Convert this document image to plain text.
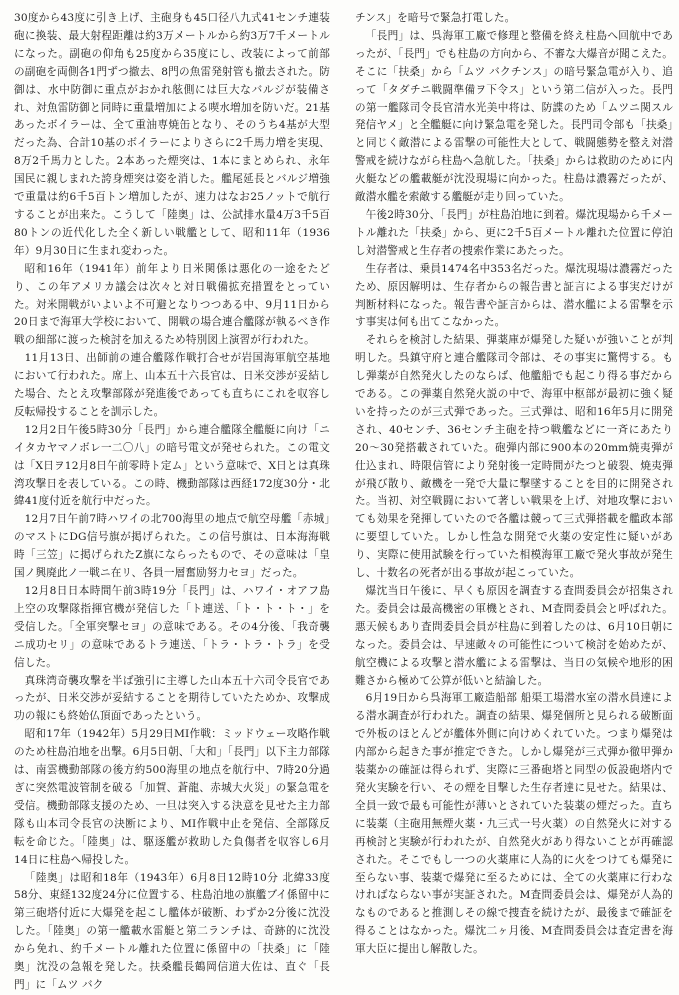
30度から43度に引き上げ、主砲身も45口径八九式41センチ連装砲に換装、最大射程距離は約3万メートルから約3万7千メートルになった。副砲の仰角も25度から35度にし、改装によって前部の副砲を両側各1門ずつ撤去、8門の魚雷発射管も撤去された。防御は、水中防御に重点がおかれ舷側には巨大なバルジが装備され、対魚雷防御と同時に重量増加による喫水増加を防いだ。21基あったボイラーは、全て重油専焼缶となり、そのうち4基が大型だった為、合計10基のボイラーによりさらに2千馬力増を実現、8万2千馬力とした。2本あった煙突は、1本にまとめられ、永年国民に親しまれた誇身煙突は姿を消した。艦尾延長とバルジ増強で重量は約6千5百トン増加したが、速力はなお25ノットで航行することが出来た。こうして「陸奥」は、公試排水量4万3千5百80トンの近代化した全く新しい戦艦として、昭和11年（1936年）9月30日に生まれ変わった。

昭和16年（1941年）前年より日米関係は悪化の一途をたどり、この年アメリカ議会は次々と対日戦備拡充措置をとっていた。対米開戦がいよいよ不可避となりつつある中、9月11日から20日まで海軍大学校において、開戦の場合連合艦隊が執るべき作戦の細部に渡った検討を加えるため特別図上演習が行われた。

11月13日、出師前の連合艦隊作戦打合せが岩国海軍航空基地において行われた。席上、山本五十六長官は、日米交渉が妥結した場合、たとえ攻撃部隊が発進後であっても直ちにこれを収容し反転帰投することを訓示した。

12月2日午後5時30分「長門」から連合艦隊全艦艇に向け「ニイタカヤマノボレ一二〇八」の暗号電文が発せられた。この電文は「X日ヲ12月8日午前零時ト定ム」という意味で、X日とは真珠湾攻撃日を表している。この時、機動部隊は西経172度30分・北緯41度付近を航行中だった。

12月7日午前7時ハワイの北700海里の地点で航空母艦「赤城」のマストにDG信号旗が掲げられた。この信号旗は、日本海海戦時「三笠」に掲げられたZ旗にならったもので、その意味は「皇国ノ興廃此ノ一戦ニ在リ、各員一層奮励努力セヨ」だった。

12月8日日本時間午前3時19分「長門」は、ハワイ・オアフ島上空の攻撃隊指揮官機が発信した「ト連送、「ト・ト・ト・」を受信した。「全軍突撃セヨ」の意味である。その4分後、「我奇襲ニ成功セリ」の意味であるトラ連送、「トラ・トラ・トラ」を受信した。

真珠湾奇襲攻撃を半ば強引に主導した山本五十六司令長官であったが、日米交渉が妥結することを期待していたためか、攻撃成功の報にも終始仏頂面であったという。

昭和17年（1942年）5月29日MI作戦：ミッドウェー攻略作戦のため柱島泊地を出撃。6月5日朝、「大和」「長門」以下主力部隊は、南雲機動部隊の後方約500海里の地点を航行中、7時20分過ぎに突然電波管制を破る「加賀、蒼龍、赤城大火災」の緊急電を受信。機動部隊支援のため、一旦は突入する決意を見せた主力部隊も山本司令長官の決断により、MI作戦中止を発信、全部隊反転を命じた。「陸奥」は、駆逐艦が救助した負傷者を収容し6月14日に柱島へ帰投した。

「陸奥」は昭和18年（1943年）6月8日12時10分 北緯33度58分、東経132度24分に位置する、柱島泊地の旗艦ブイ係留中に第三砲塔付近に大爆発を起こし艦体が破断、わずか2分後に沈没した。「陸奥」の第一艦載水雷艇と第二ランチは、奇跡的に沈没から免れ、約千メートル離れた位置に係留中の「扶桑」に「陸奥」沈没の急報を発した。扶桑艦長鶴岡信道大佐は、直ぐ「長門」に「ムツ バク

チンス」を暗号で緊急打電した。

「長門」は、呉海軍工廠で修理と整備を終え柱島へ回航中であったが、「長門」でも柱島の方向から、不審な大爆音が聞こえた。そこに「扶桑」から「ムツ バクチンス」の暗号緊急電が入り、追って「タダチニ戦闘準備ヲ下令ス」という第二信が入った。長門の第一艦隊司令長官清水光美中将は、防諜のため「ムツニ関スル発信ヤメ」と全艦艇に向け緊急電を発した。長門司令部も「扶桑」と同じく敵潜による雷撃の可能性大として、戦闘態勢を整え対潜警戒を続けながら柱島へ急航した。「扶桑」からは救助のために内火艇などの艦載艇が沈没現場に向かった。柱島は濃霧だったが、敵潜水艦を索敵する艦艇が走り回っていた。

午後2時30分、「長門」が柱島泊地に到着。爆沈現場から千メートル離れた「扶桑」から、更に2千5百メートル離れた位置に停泊し対潜警戒と生存者の捜索作業にあたった。

生存者は、乗員1474名中353名だった。爆沈現場は濃霧だったため、原因解明は、生存者からの報告書と証言による事実だけが判断材料になった。報告書や証言からは、潜水艦による雷撃を示す事実は何も出てこなかった。

それらを検討した結果、弾薬庫が爆発した疑いが強いことが判明した。呉鎮守府と連合艦隊司令部は、その事実に驚愕する。もし弾薬が自然発火したのならば、他艦船でも起こり得る事だからである。この弾薬自然発火説の中で、海軍中枢部が最初に強く疑いを持ったのが三式弾であった。三式弾は、昭和16年5月に開発され、40センチ、36センチ主砲を持つ戦艦などに一斉にあたり20〜30発搭載されていた。砲弾内部に900本の20mm焼夷弾が仕込まれ、時限信管により発射後一定時間がたつと破裂、焼夷弾が飛び散り、敵機を一発で大量に撃墜することを目的に開発された。当初、対空戦闘において著しい戦果を上げ、対地攻撃においても効果を発揮していたので各艦は競って三式弾搭載を艦政本部に要望していた。しかし性急な開発で火薬の安定性に疑いがあり、実際に使用試験を行っていた相模海軍工廠で発火事故が発生し、十数名の死者が出る事故が起こっていた。

爆沈当日午後に、早くも原因を調査する査問委員会が招集された。委員会は最高機密の軍機とされ、M査問委員会と呼ばれた。悪天候もあり査問委員会員が柱島に到着したのは、6月10日朝になった。委員会は、早速敵々の可能性について検討を始めたが、航空機による攻撃と潜水艦による雷撃は、当日の気候や地形的困難さから極めて公算が低いと結論した。

6月19日から呉海軍工廠造船部 船渠工場潜水室の潜水員達による潜水調査が行われた。調査の結果、爆発個所と見られる破断面で外板のほとんどが艦体外側に向けめくれていた。つまり爆発は内部から起きた事が推定できた。しかし爆発が三式弾か徹甲弾か装薬かの確証は得られず、実際に三番砲塔と同型の仮設砲塔内で発火実験を行い、その煙を目撃した生存者達に見せた。結果は、全員一致で最も可能性が薄いとされていた装薬の煙だった。直ちに装薬（主砲用無煙火薬・九三式一号火薬）の自然発火に対する再検討と実験が行われたが、自然発火があり得ないことが再確認された。そこでもし一つの火薬庫に人為的に火をつけても爆発に至らない事、装薬で爆発に至るためには、全ての火薬庫に行わなければならない事が実証された。M査問委員会は、爆発が人為的なものであると推測しその線で捜査を続けたが、最後まで確証を得ることはなかった。爆沈二ヶ月後、M査問委員会は査定書を海軍大臣に提出し解散した。
